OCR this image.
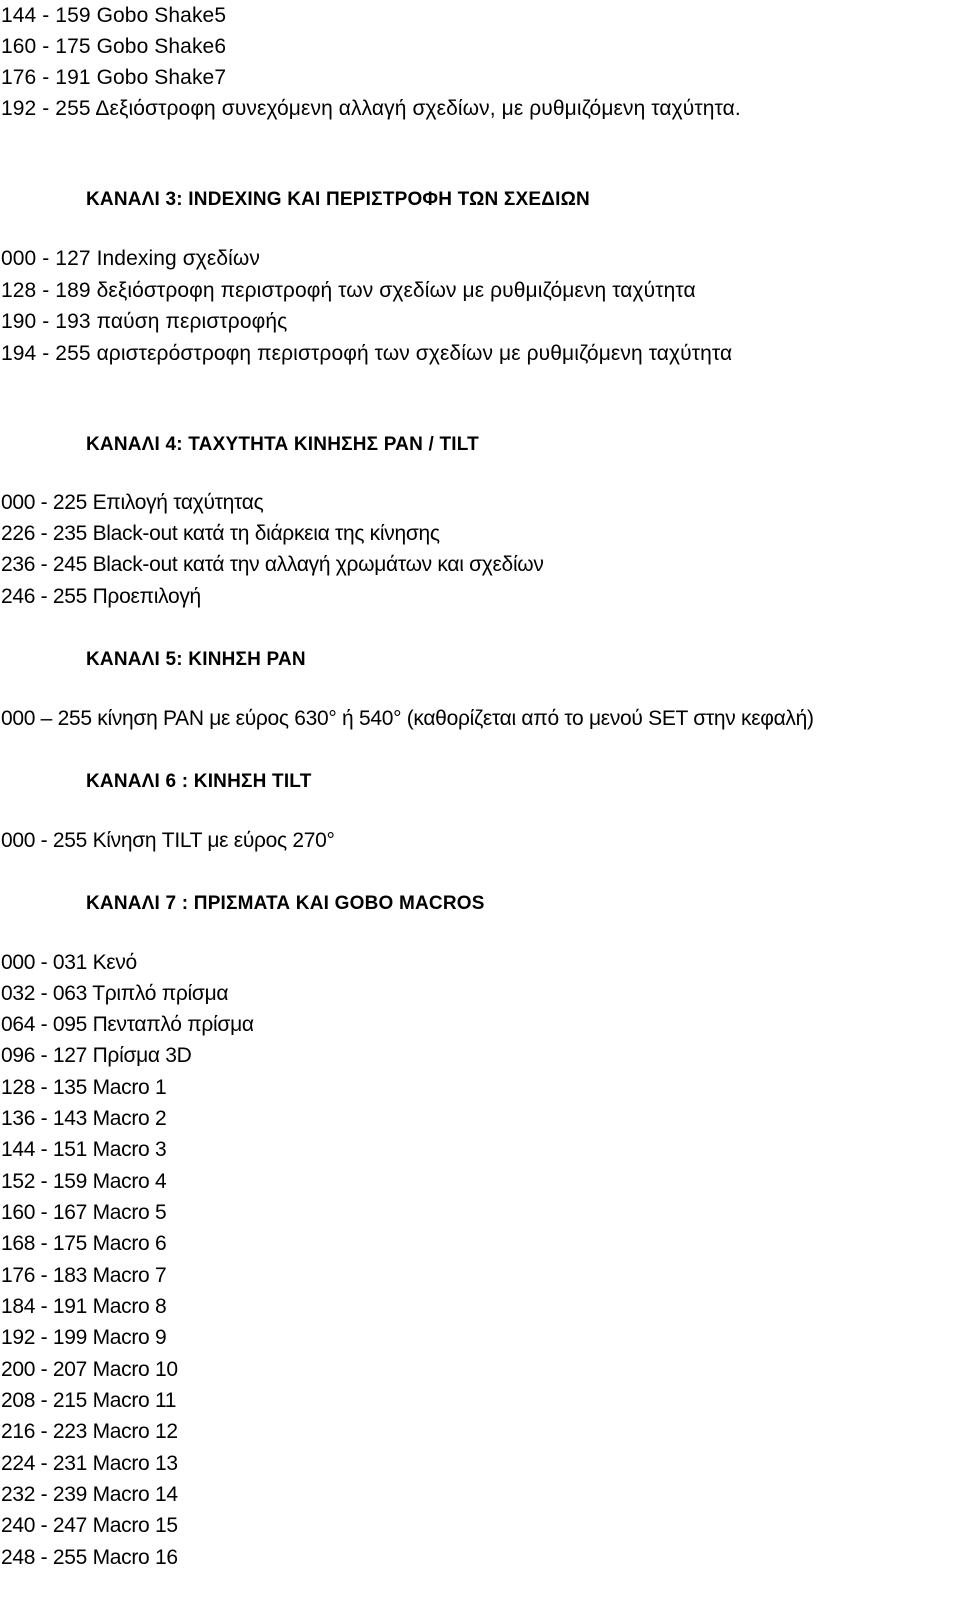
144 - 159 Gobo Shake5
160 - 175 Gobo Shake6
176 - 191 Gobo Shake7
192 - 255 Δεξιόστροφη συνεχόμενη αλλαγή σχεδίων, με ρυθμιζόμενη ταχύτητα.
ΚΑΝΑΛΙ 3: INDEXING ΚΑΙ ΠΕΡΙΣΤΡΟΦΗ ΤΩΝ ΣΧΕΔΙΩΝ
000 - 127 Indexing σχεδίων
128 - 189 δεξιόστροφη περιστροφή των σχεδίων με ρυθμιζόμενη ταχύτητα
190 - 193 παύση περιστροφής
194 - 255 αριστερόστροφη περιστροφή των σχεδίων με ρυθμιζόμενη ταχύτητα
ΚΑΝΑΛΙ 4: ΤΑΧΥΤΗΤΑ ΚΙΝΗΣΗΣ PAN / TILT
000 - 225 Επιλογή ταχύτητας
226 - 235 Black-out κατά τη διάρκεια της κίνησης
236 - 245 Black-out κατά την αλλαγή χρωμάτων και σχεδίων
246 - 255 Προεπιλογή
ΚΑΝΑΛΙ 5: ΚΙΝΗΣΗ PAN
000 – 255 κίνηση PAN με εύρος 630° ή 540° (καθορίζεται από το μενού SET στην κεφαλή)
ΚΑΝΑΛΙ 6 : ΚΙΝΗΣΗ TILT
000 - 255 Κίνηση TILT με εύρος 270°
ΚΑΝΑΛΙ 7 : ΠΡΙΣΜΑΤΑ ΚΑΙ GOBO MACROS
000 - 031 Κενό
032 - 063 Τριπλό πρίσμα
064 - 095 Πενταπλό πρίσμα
096 - 127 Πρίσμα 3D
128 - 135 Macro 1
136 - 143 Macro 2
144 - 151 Macro 3
152 - 159 Macro 4
160 - 167 Macro 5
168 - 175 Macro 6
176 - 183 Macro 7
184 - 191 Macro 8
192 - 199 Macro 9
200 - 207 Macro 10
208 - 215 Macro 11
216 - 223 Macro 12
224 - 231 Macro 13
232 - 239 Macro 14
240 - 247 Macro 15
248 - 255 Macro 16
